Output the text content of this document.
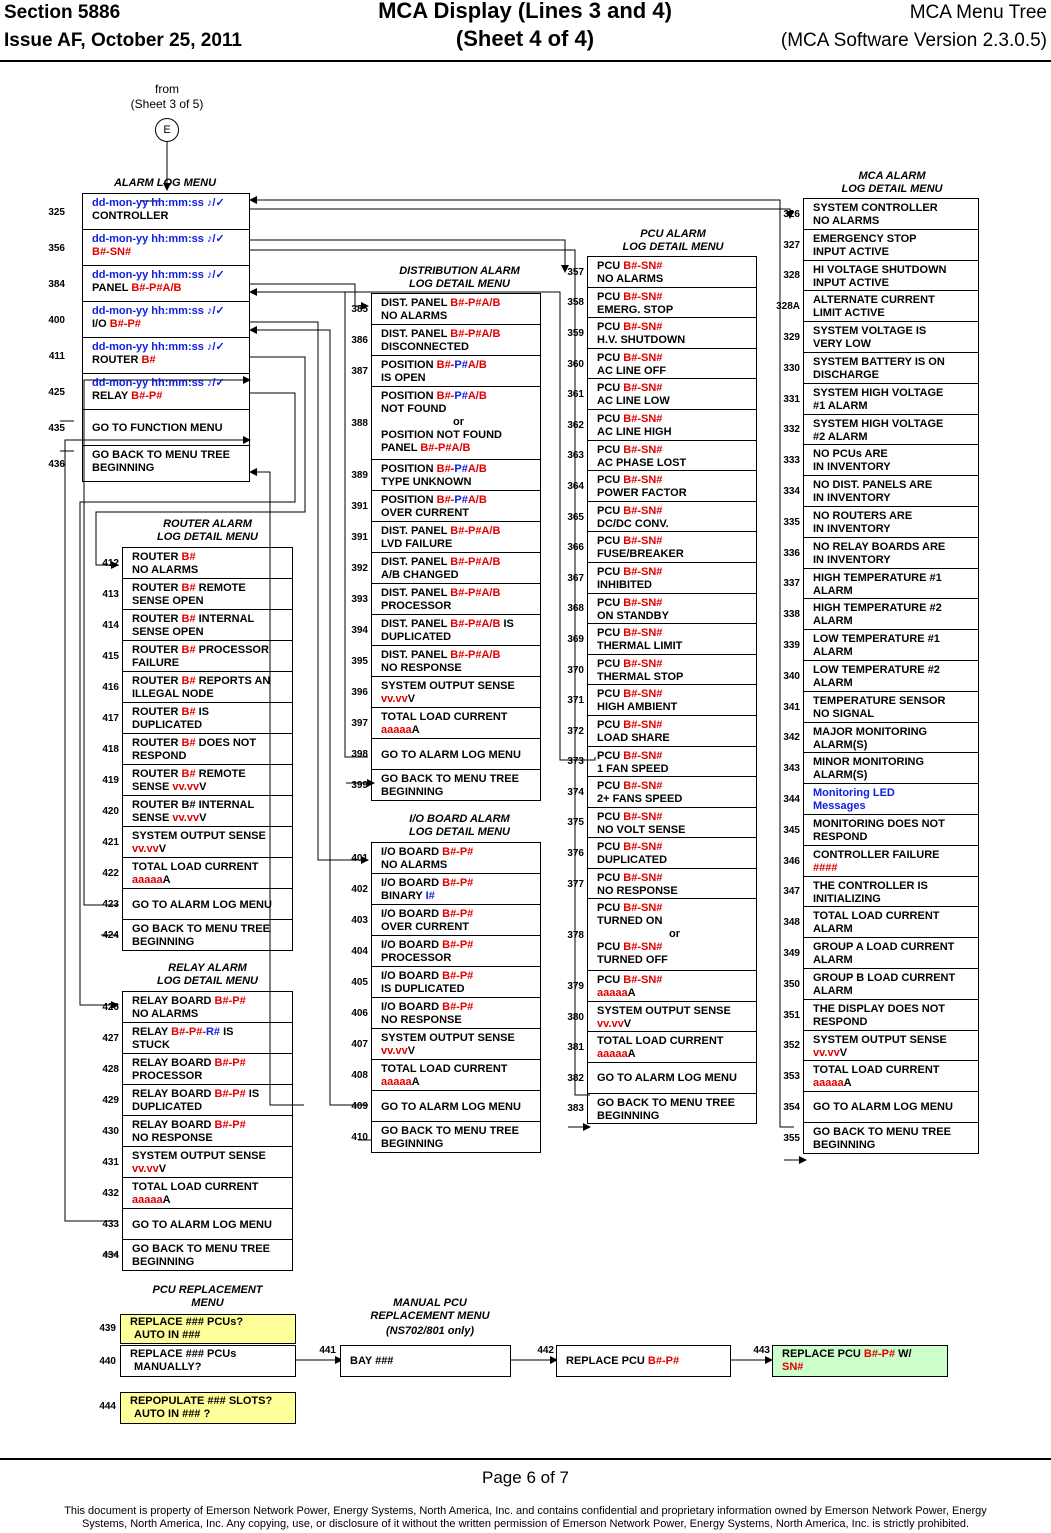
Section 5886
Issue AF, October 25, 2011
MCA Display (Lines 3 and 4)
(Sheet 4 of 4)
MCA Menu Tree
(MCA Software Version 2.3.0.5)
from
(Sheet 3 of 5)
E
ALARM LOG MENU
ROUTER ALARM
LOG DETAIL MENU
RELAY ALARM
LOG DETAIL MENU
DISTRIBUTION ALARM
LOG DETAIL MENU
I/O BOARD ALARM
LOG DETAIL MENU
PCU ALARM
LOG DETAIL MENU
MCA ALARM
LOG DETAIL MENU
dd-mon-yy hh:mm:ss ♪/✓
CONTROLLER
325
dd-mon-yy hh:mm:ss ♪/✓
B#-SN#
356
dd-mon-yy hh:mm:ss ♪/✓
PANEL B#-P#A/B
384
dd-mon-yy hh:mm:ss ♪/✓
I/O B#-P#
400
dd-mon-yy hh:mm:ss ♪/✓
ROUTER B#
411
dd-mon-yy hh:mm:ss ♪/✓
RELAY B#-P#
425
GO TO FUNCTION MENU
435
GO BACK TO MENU TREE
BEGINNING
436
ROUTER B#
NO ALARMS
412
ROUTER B# REMOTE
SENSE OPEN
413
ROUTER B# INTERNAL
SENSE OPEN
414
ROUTER B# PROCESSOR
FAILURE
415
ROUTER B# REPORTS AN
ILLEGAL NODE
416
ROUTER B# IS
DUPLICATED
417
ROUTER B# DOES NOT
RESPOND
418
ROUTER B# REMOTE
SENSE vv.vvV
419
ROUTER B# INTERNAL
SENSE vv.vvV
420
SYSTEM OUTPUT SENSE
vv.vvV
421
TOTAL LOAD CURRENT
aaaaaA
422
GO TO ALARM LOG MENU
423
GO BACK TO MENU TREE
BEGINNING
424
RELAY BOARD B#-P#
NO ALARMS
426
RELAY B#-P#-R# IS
STUCK
427
RELAY BOARD B#-P#
PROCESSOR
428
RELAY BOARD B#-P# IS
DUPLICATED
429
RELAY BOARD B#-P#
NO RESPONSE
430
SYSTEM OUTPUT SENSE
vv.vvV
431
TOTAL LOAD CURRENT
aaaaaA
432
GO TO ALARM LOG MENU
433
GO BACK TO MENU TREE
BEGINNING
434
DIST. PANEL B#-P#A/B
NO ALARMS
385
DIST. PANEL B#-P#A/B
DISCONNECTED
386
POSITION B#-P#A/B
IS OPEN
387
POSITION B#-P#A/B
NOT FOUND
or
POSITION NOT FOUND
PANEL B#-P#A/B
388
POSITION B#-P#A/B
TYPE UNKNOWN
389
POSITION B#-P#A/B
OVER CURRENT
391
DIST. PANEL B#-P#A/B
LVD FAILURE
391
DIST. PANEL B#-P#A/B
A/B CHANGED
392
DIST. PANEL B#-P#A/B
PROCESSOR
393
DIST. PANEL B#-P#A/B IS
DUPLICATED
394
DIST. PANEL B#-P#A/B
NO RESPONSE
395
SYSTEM OUTPUT SENSE
vv.vvV
396
TOTAL LOAD CURRENT
aaaaaA
397
GO TO ALARM LOG MENU
398
GO BACK TO MENU TREE
BEGINNING
399
I/O BOARD B#-P#
NO ALARMS
401
I/O BOARD B#-P#
BINARY I#
402
I/O BOARD B#-P#
OVER CURRENT
403
I/O BOARD B#-P#
PROCESSOR
404
I/O BOARD B#-P#
IS DUPLICATED
405
I/O BOARD B#-P#
NO RESPONSE
406
SYSTEM OUTPUT SENSE
vv.vvV
407
TOTAL LOAD CURRENT
aaaaaA
408
GO TO ALARM LOG MENU
409
GO BACK TO MENU TREE
BEGINNING
410
PCU B#-SN#
NO ALARMS
357
PCU B#-SN#
EMERG. STOP
358
PCU B#-SN#
H.V. SHUTDOWN
359
PCU B#-SN#
AC LINE OFF
360
PCU B#-SN#
AC LINE LOW
361
PCU B#-SN#
AC LINE HIGH
362
PCU B#-SN#
AC PHASE LOST
363
PCU B#-SN#
POWER FACTOR
364
PCU B#-SN#
DC/DC CONV.
365
PCU B#-SN#
FUSE/BREAKER
366
PCU B#-SN#
INHIBITED
367
PCU B#-SN#
ON STANDBY
368
PCU B#-SN#
THERMAL LIMIT
369
PCU B#-SN#
THERMAL STOP
370
PCU B#-SN#
HIGH AMBIENT
371
PCU B#-SN#
LOAD SHARE
372
PCU B#-SN#
1 FAN SPEED
373
PCU B#-SN#
2+ FANS SPEED
374
PCU B#-SN#
NO VOLT SENSE
375
PCU B#-SN#
DUPLICATED
376
PCU B#-SN#
NO RESPONSE
377
PCU B#-SN#
TURNED ON
or
PCU B#-SN#
TURNED OFF
378
PCU B#-SN#
aaaaaA
379
SYSTEM OUTPUT SENSE
vv.vvV
380
TOTAL LOAD CURRENT
aaaaaA
381
GO TO ALARM LOG MENU
382
GO BACK TO MENU TREE
BEGINNING
383
SYSTEM CONTROLLER
NO ALARMS
326
EMERGENCY STOP
INPUT ACTIVE
327
HI VOLTAGE SHUTDOWN
INPUT ACTIVE
328
ALTERNATE CURRENT
LIMIT ACTIVE
328A
SYSTEM VOLTAGE IS
VERY LOW
329
SYSTEM BATTERY IS ON
DISCHARGE
330
SYSTEM HIGH VOLTAGE
#1 ALARM
331
SYSTEM HIGH VOLTAGE
#2 ALARM
332
NO PCUs ARE
IN INVENTORY
333
NO DIST. PANELS ARE
IN INVENTORY
334
NO ROUTERS ARE
IN INVENTORY
335
NO RELAY BOARDS ARE
IN INVENTORY
336
HIGH TEMPERATURE #1
ALARM
337
HIGH TEMPERATURE #2
ALARM
338
LOW TEMPERATURE #1
ALARM
339
LOW TEMPERATURE #2
ALARM
340
TEMPERATURE SENSOR
NO SIGNAL
341
MAJOR MONITORING
ALARM(S)
342
MINOR MONITORING
ALARM(S)
343
Monitoring LED
Messages
344
MONITORING DOES NOT
RESPOND
345
CONTROLLER FAILURE
####
346
THE CONTROLLER IS
INITIALIZING
347
TOTAL LOAD CURRENT
ALARM
348
GROUP A LOAD CURRENT
ALARM
349
GROUP B LOAD CURRENT
ALARM
350
THE DISPLAY DOES NOT
RESPOND
351
SYSTEM OUTPUT SENSE
vv.vvV
352
TOTAL LOAD CURRENT
aaaaaA
353
GO TO ALARM LOG MENU
354
GO BACK TO MENU TREE
BEGINNING
355
PCU REPLACEMENT
MENU
439
REPLACE ### PCUs?
AUTO IN ###
440
REPLACE ### PCUs
MANUALLY?
444 REPOPULATE ### SLOTS?
AUTO IN ### ?
MANUAL PCU
REPLACEMENT MENU
(NS702/801 only)
441
BAY ###
442
REPLACE PCU B#-P#
443 REPLACE PCU B#-P# W/
SN#
Page 6 of 7
This document is property of Emerson Network Power, Energy Systems, North America, Inc. and contains confidential and proprietary information owned by Emerson Network Power, Energy
Systems, North America, Inc. Any copying, use, or disclosure of it without the written permission of Emerson Network Power, Energy Systems, North America, Inc. is strictly prohibited.
